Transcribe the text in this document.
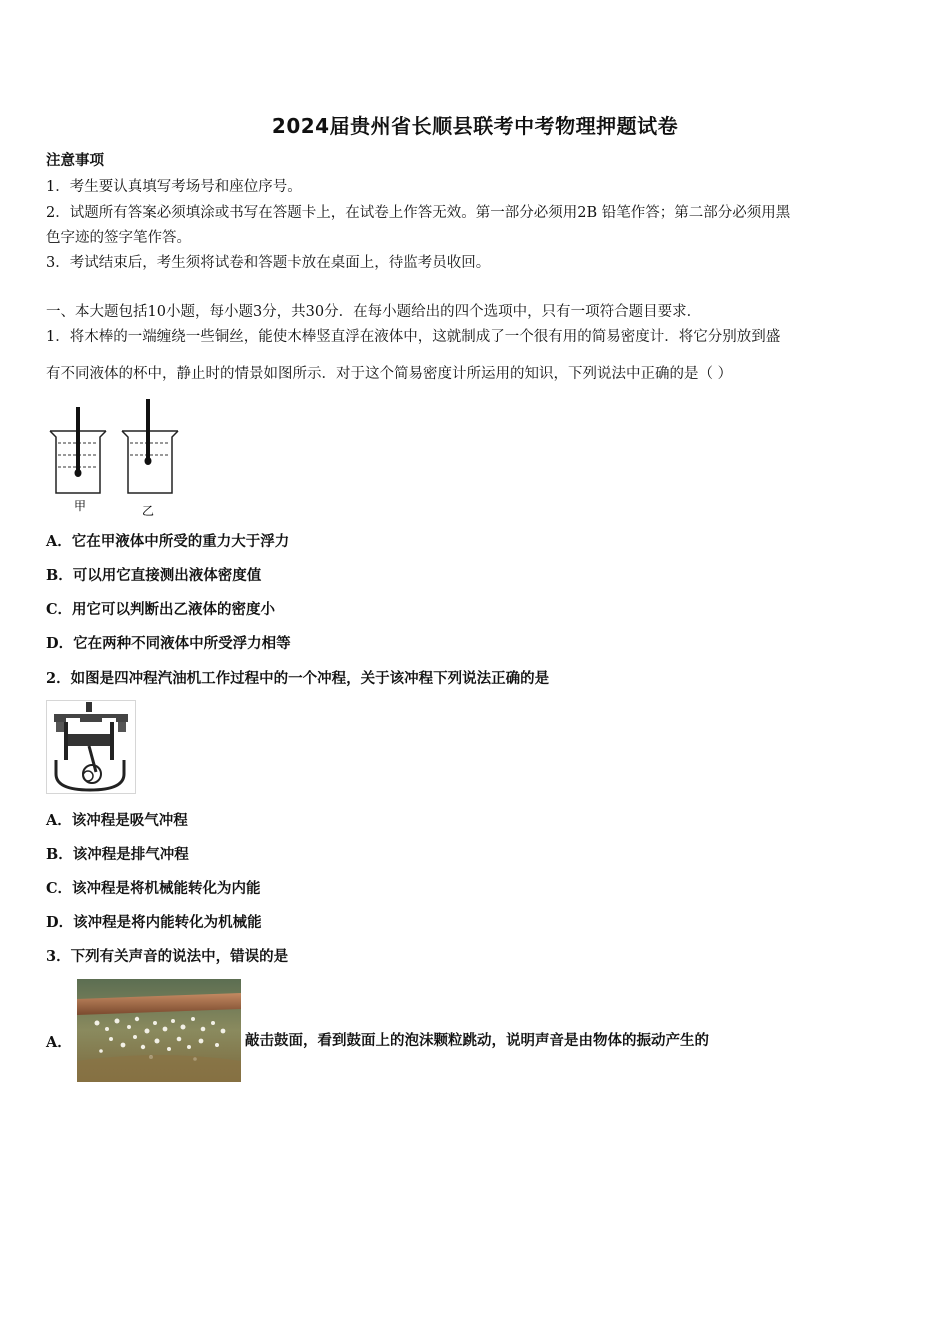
2024届贵州省长顺县联考中考物理押题试卷
注意事项
1．考生要认真填写考场号和座位序号。
2．试题所有答案必须填涂或书写在答题卡上，在试卷上作答无效。第一部分必须用2B 铅笔作答；第二部分必须用黑
色字迹的签字笔作答。
3．考试结束后，考生须将试卷和答题卡放在桌面上，待监考员收回。
一、本大题包括10小题，每小题3分，共30分．在每小题给出的四个选项中，只有一项符合题目要求．
1．将木棒的一端缠绕一些铜丝，能使木棒竖直浮在液体中，这就制成了一个很有用的简易密度计．将它分别放到盛
有不同液体的杯中，静止时的情景如图所示．对于这个简易密度计所运用的知识，下列说法中正确的是（ ）
甲	乙
A．它在甲液体中所受的重力大于浮力
B．可以用它直接测出液体密度值
C．用它可以判断出乙液体的密度小
D．它在两种不同液体中所受浮力相等
2．如图是四冲程汽油机工作过程中的一个冲程，关于该冲程下列说法正确的是
A．该冲程是吸气冲程
B．该冲程是排气冲程
C．该冲程是将机械能转化为内能
D．该冲程是将内能转化为机械能
3．下列有关声音的说法中，错误的是
A．	敲击鼓面，看到鼓面上的泡沫颗粒跳动，说明声音是由物体的振动产生的
